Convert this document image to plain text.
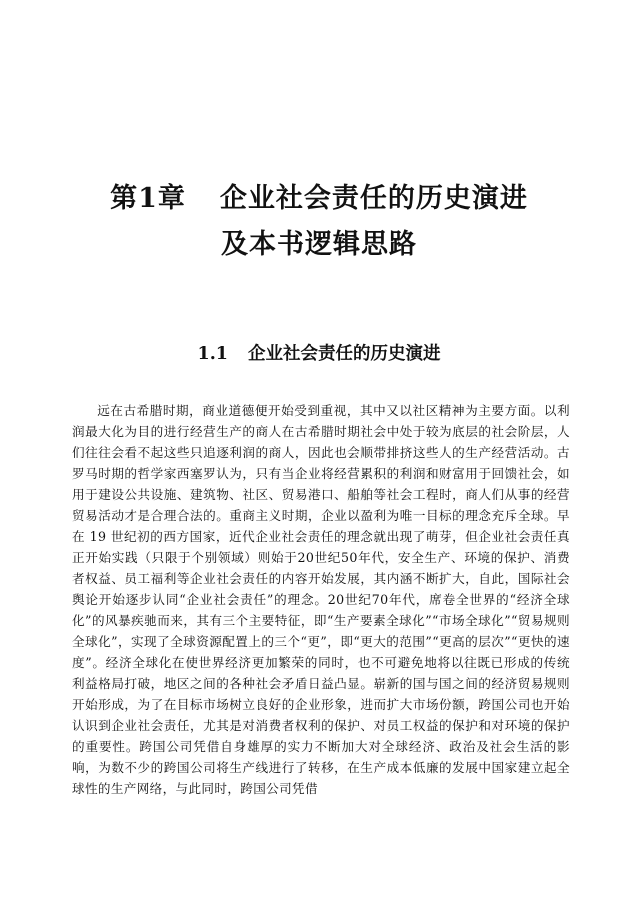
第1章 企业社会责任的历史演进
及本书逻辑思路
1.1 企业社会责任的历史演进

远在古希腊时期，商业道德便开始受到重视，其中又以社区精神为主要方面。以利润最大化为目的进行经营生产的商人在古希腊时期社会中处于较为底层的社会阶层，人们往往会看不起这些只追逐利润的商人，因此也会顺带排挤这些人的生产经营活动。古罗马时期的哲学家西塞罗认为，只有当企业将经营累积的利润和财富用于回馈社会，如用于建设公共设施、建筑物、社区、贸易港口、船舶等社会工程时，商人们从事的经营贸易活动才是合理合法的。重商主义时期，企业以盈利为唯一目标的理念充斥全球。早在 19 世纪初的西方国家，近代企业社会责任的理念就出现了萌芽，但企业社会责任真正开始实践（只限于个别领域）则始于20世纪50年代，安全生产、环境的保护、消费者权益、员工福利等企业社会责任的内容开始发展，其内涵不断扩大，自此，国际社会舆论开始逐步认同“企业社会责任”的理念。20世纪70年代，席卷全世界的“经济全球化”的风暴疾驰而来，其有三个主要特征，即“生产要素全球化”“市场全球化”“贸易规则全球化”，实现了全球资源配置上的三个“更”，即“更大的范围”“更高的层次”“更快的速度”。经济全球化在使世界经济更加繁荣的同时，也不可避免地将以往既已形成的传统利益格局打破，地区之间的各种社会矛盾日益凸显。崭新的国与国之间的经济贸易规则开始形成，为了在目标市场树立良好的企业形象，进而扩大市场份额，跨国公司也开始认识到企业社会责任，尤其是对消费者权利的保护、对员工权益的保护和对环境的保护的重要性。跨国公司凭借自身雄厚的实力不断加大对全球经济、政治及社会生活的影响，为数不少的跨国公司将生产线进行了转移，在生产成本低廉的发展中国家建立起全球性的生产网络，与此同时，跨国公司凭借
